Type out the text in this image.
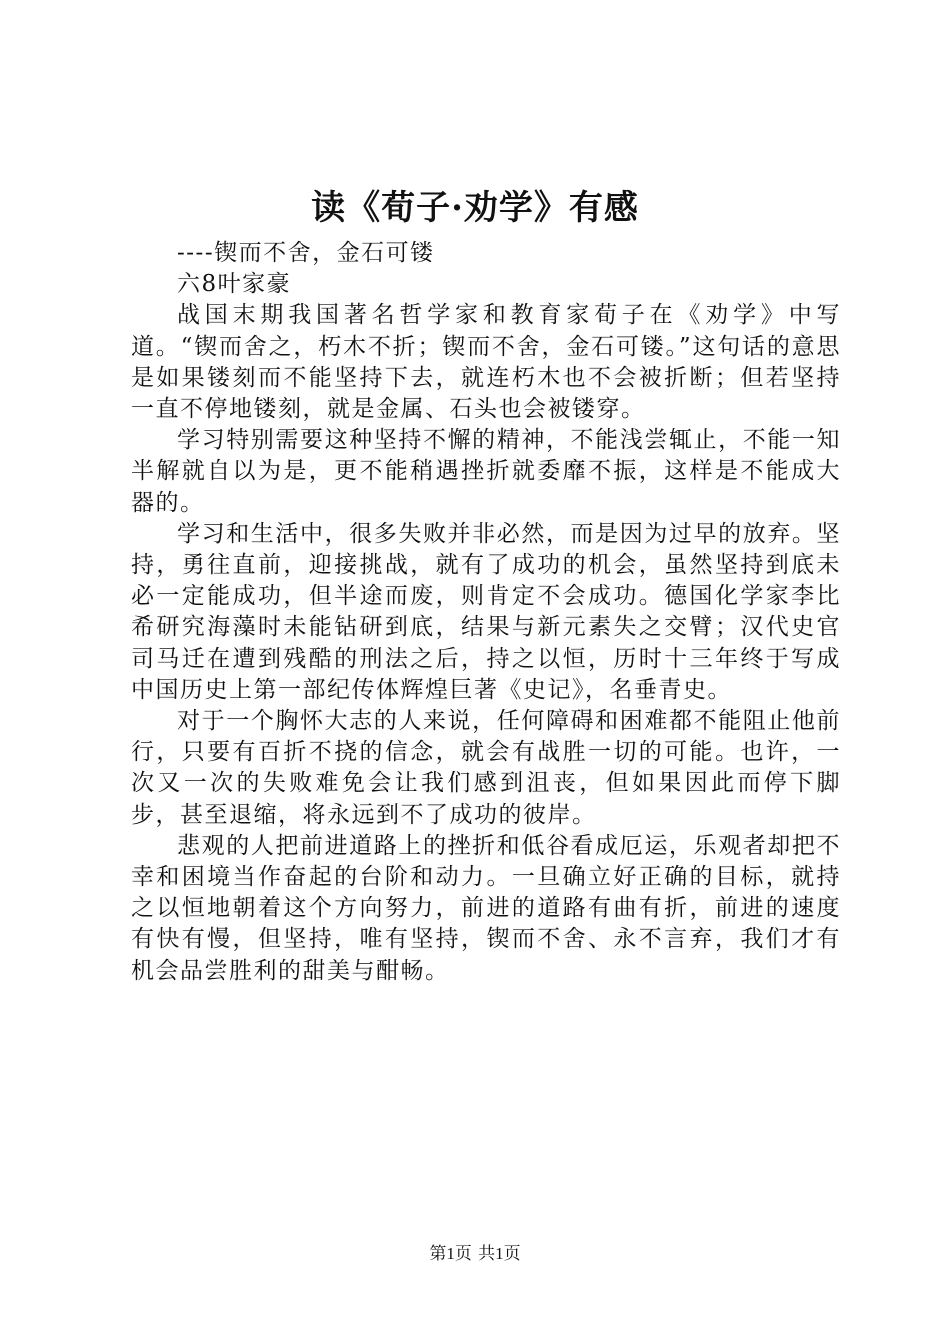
读《荀子·劝学》有感

----锲而不舍，金石可镂

六8叶家豪

战国末期我国著名哲学家和教育家荀子在《劝学》中写道。“锲而舍之，朽木不折；锲而不舍，金石可镂。”这句话的意思是如果镂刻而不能坚持下去，就连朽木也不会被折断；但若坚持一直不停地镂刻，就是金属、石头也会被镂穿。

学习特别需要这种坚持不懈的精神，不能浅尝辄止，不能一知半解就自以为是，更不能稍遇挫折就委靡不振，这样是不能成大器的。

学习和生活中，很多失败并非必然，而是因为过早的放弃。坚持，勇往直前，迎接挑战，就有了成功的机会，虽然坚持到底未必一定能成功，但半途而废，则肯定不会成功。德国化学家李比希研究海藻时未能钻研到底，结果与新元素失之交臂；汉代史官司马迁在遭到残酷的刑法之后，持之以恒，历时十三年终于写成中国历史上第一部纪传体辉煌巨著《史记》，名垂青史。

对于一个胸怀大志的人来说，任何障碍和困难都不能阻止他前行，只要有百折不挠的信念，就会有战胜一切的可能。也许，一次又一次的失败难免会让我们感到沮丧，但如果因此而停下脚步，甚至退缩，将永远到不了成功的彼岸。

悲观的人把前进道路上的挫折和低谷看成厄运，乐观者却把不幸和困境当作奋起的台阶和动力。一旦确立好正确的目标，就持之以恒地朝着这个方向努力，前进的道路有曲有折，前进的速度有快有慢，但坚持，唯有坚持，锲而不舍、永不言弃，我们才有机会品尝胜利的甜美与酣畅。

第1页 共1页
